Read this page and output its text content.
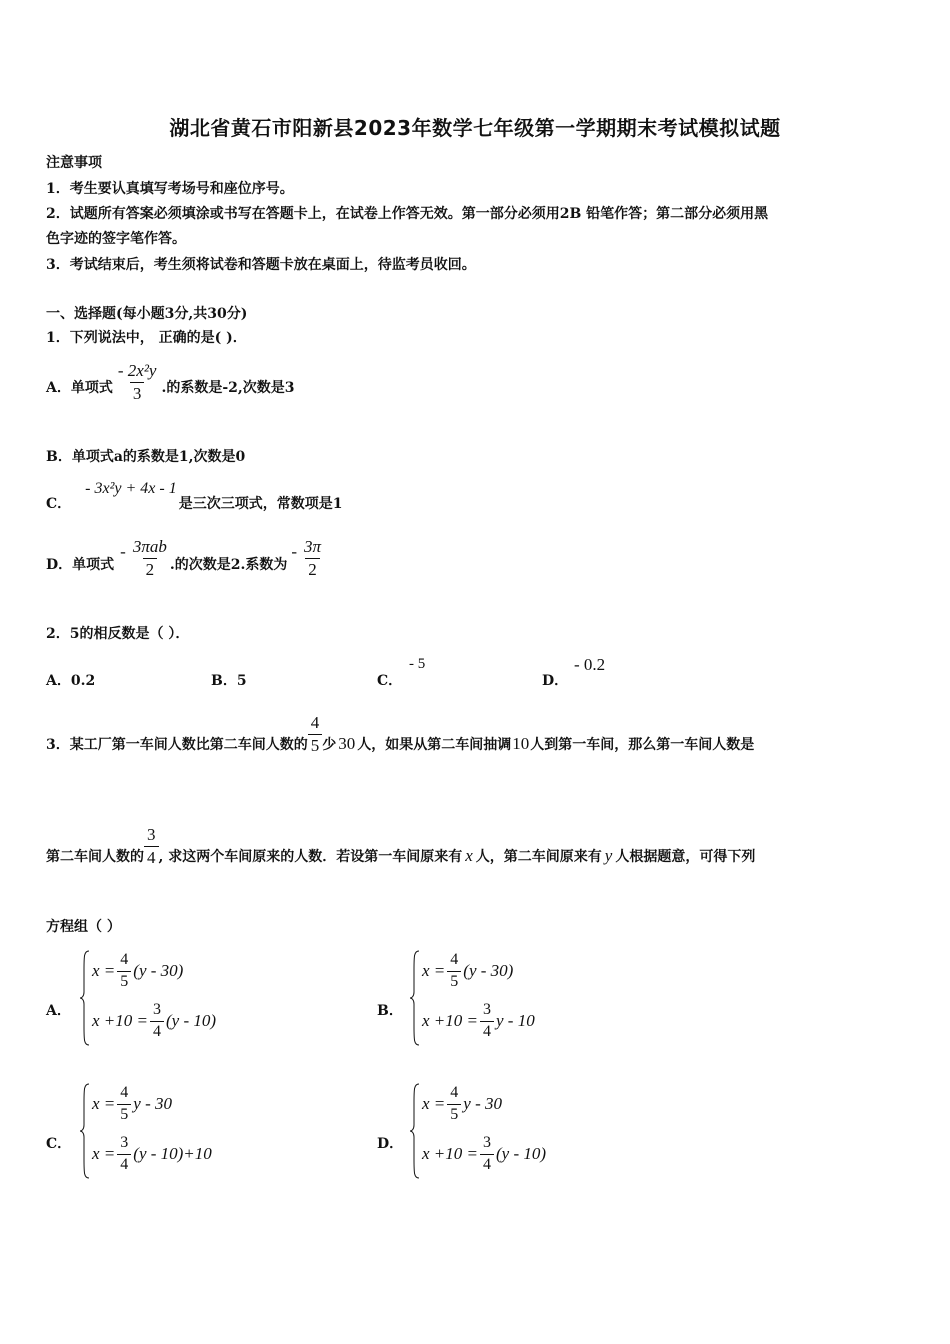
湖北省黄石市阳新县2023年数学七年级第一学期期末考试模拟试题
注意事项
1．考生要认真填写考场号和座位序号。
2．试题所有答案必须填涂或书写在答题卡上，在试卷上作答无效。第一部分必须用2B 铅笔作答；第二部分必须用黑
色字迹的签字笔作答。
3．考试结束后，考生须将试卷和答题卡放在桌面上，待监考员收回。
一、选择题(每小题3分,共30分)
1．下列说法中， 正确的是( )．
A．单项式 $\frac{\text{- 2x²y}}{3}$ .的系数是-2,次数是3
B．单项式a的系数是1,次数是0
C．
- 3x²y + 4x - 1
是三次三项式，常数项是1
D．单项式
- $\frac{\text{3πab}}{2}$ .的次数是2.系数为
- $\frac{3\pi}{2}$
2．5的相反数是（ ）．
A．0.2	B．5	C．
- 5
D．
- 0.2
3．某工厂第一车间人数比第二车间人数的 $\frac{4}{5}$ 少 30 人，如果从第二车间抽调 10 人到第一车间，那么第一车间人数是
第二车间人数的 $\frac{3}{4}$ , 求这两个车间原来的人数．若设第一车间原来有 x 人，第二车间原来有 y 人根据题意，可得下列
方程组（ ）
A．
$x = \frac{4}{5} (y - 30)$
$x +10 = \frac{3}{4} (y - 10)$
B．
$x = \frac{4}{5} (y - 30)$
$x +10 = \frac{3}{4}$ y - 10
C．
$x = \frac{4}{5}$ y - 30
$x = \frac{3}{4} (y - 10)+10$
D．
$x = \frac{4}{5}$ y - 30
$x +10 = \frac{3}{4} (y - 10)$
